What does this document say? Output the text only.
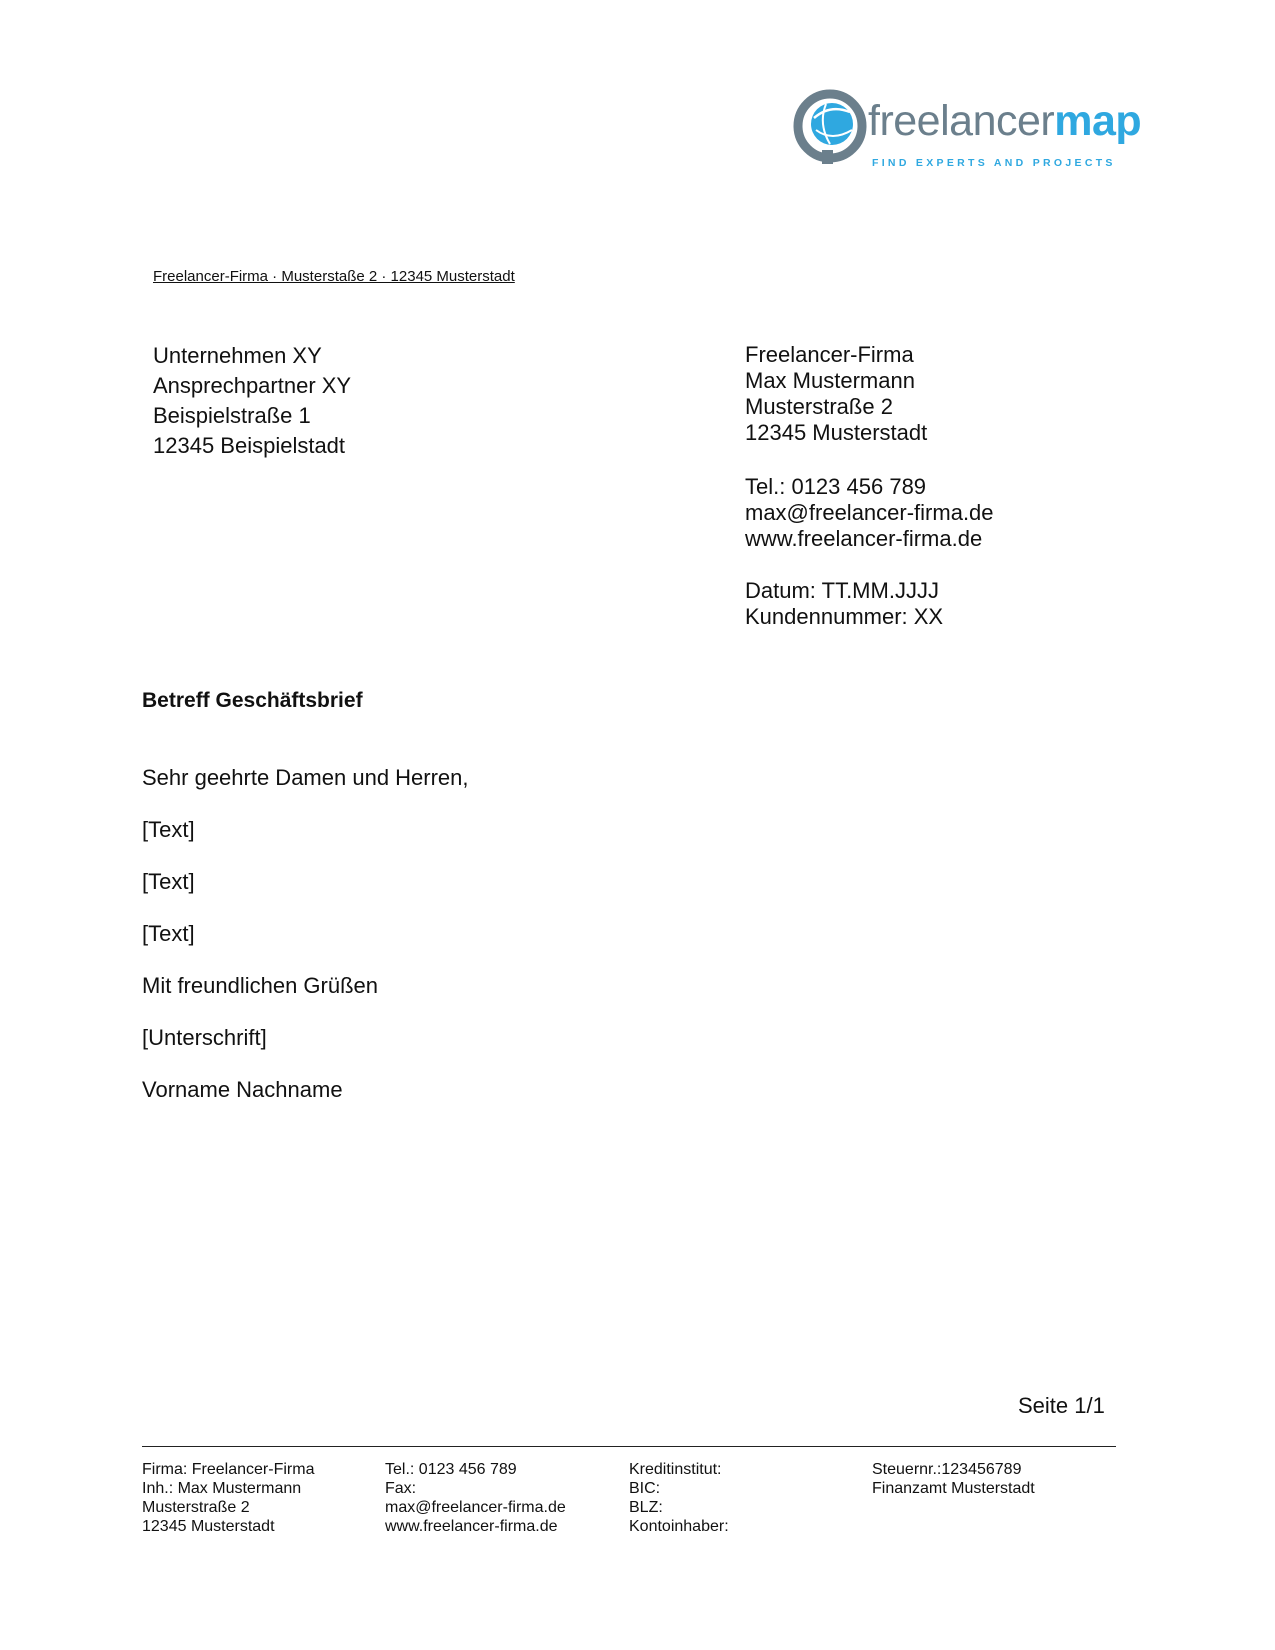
freelancermap
FIND EXPERTS AND PROJECTS
Freelancer-Firma · Musterstaße 2 · 12345 Musterstadt
Unternehmen XY
Ansprechpartner XY
Beispielstraße 1
12345 Beispielstadt
Freelancer-Firma
Max Mustermann
Musterstraße 2
12345 Musterstadt
Tel.: 0123 456 789
max@freelancer-firma.de
www.freelancer-firma.de
Datum: TT.MM.JJJJ
Kundennummer: XX
Betreff Geschäftsbrief
Sehr geehrte Damen und Herren,
[Text]
[Text]
[Text]
Mit freundlichen Grüßen
[Unterschrift]
Vorname Nachname
Seite 1/1
Firma: Freelancer-Firma
Inh.: Max Mustermann
Musterstraße 2
12345 Musterstadt
Tel.: 0123 456 789
Fax:
max@freelancer-firma.de
www.freelancer-firma.de
Kreditinstitut:
BIC:
BLZ:
Kontoinhaber:
Steuernr.:123456789
Finanzamt Musterstadt
